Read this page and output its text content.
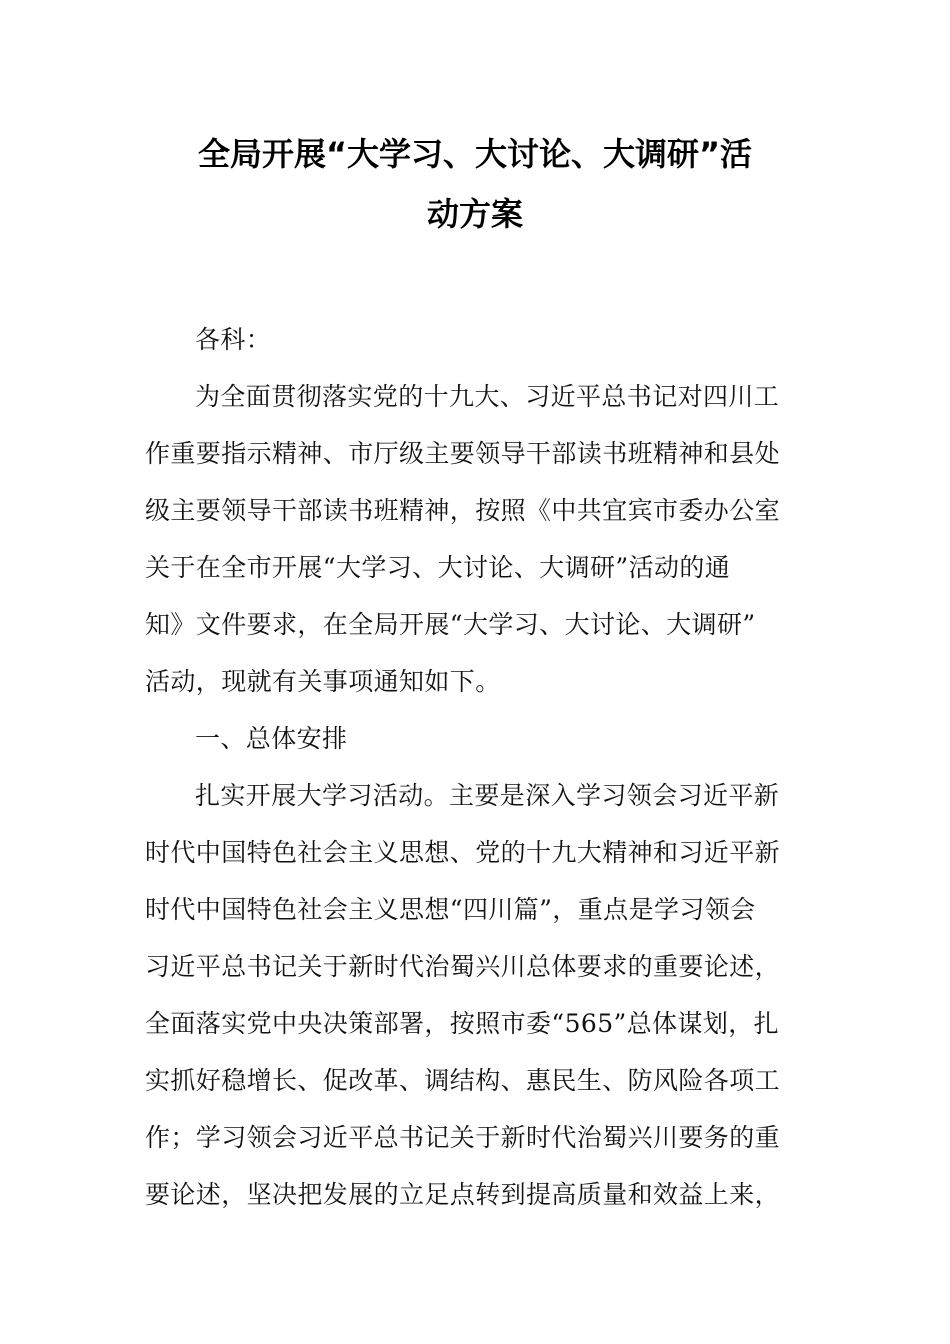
全局开展“大学习、大讨论、大调研”活
动方案
各科：
为全面贯彻落实党的十九大、习近平总书记对四川工
作重要指示精神、市厅级主要领导干部读书班精神和县处
级主要领导干部读书班精神，按照《中共宜宾市委办公室
关于在全市开展“大学习、大讨论、大调研”活动的通
知》文件要求，在全局开展“大学习、大讨论、大调研”
活动，现就有关事项通知如下。
一、总体安排
扎实开展大学习活动。主要是深入学习领会习近平新
时代中国特色社会主义思想、党的十九大精神和习近平新
时代中国特色社会主义思想“四川篇”，重点是学习领会
习近平总书记关于新时代治蜀兴川总体要求的重要论述，
全面落实党中央决策部署，按照市委“565”总体谋划，扎
实抓好稳增长、促改革、调结构、惠民生、防风险各项工
作；学习领会习近平总书记关于新时代治蜀兴川要务的重
要论述，坚决把发展的立足点转到提高质量和效益上来，
